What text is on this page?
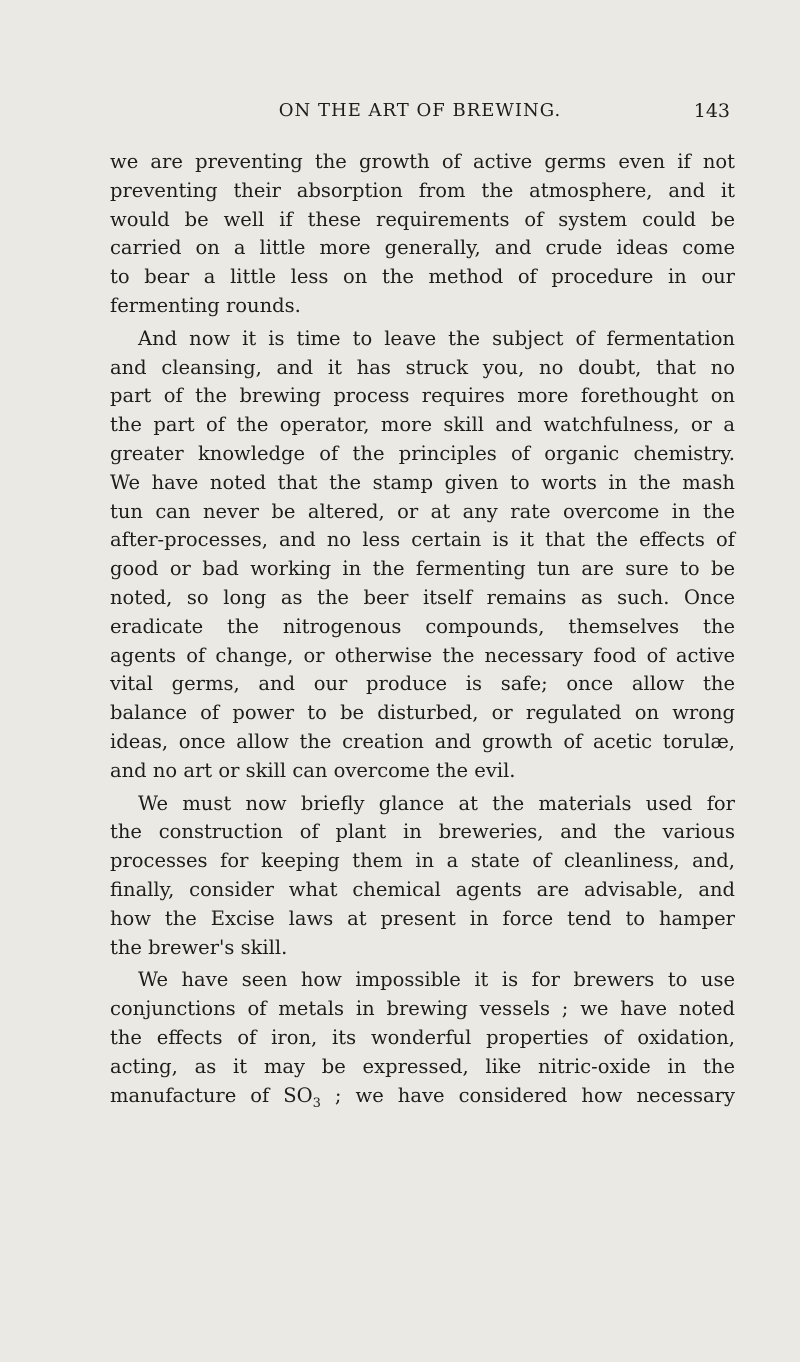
ON THE ART OF BREWING.	143
we are preventing the growth of active germs even if not
preventing their absorption from the atmosphere, and it
would be well if these requirements of system could be
carried on a little more generally, and crude ideas come
to bear a little less on the method of procedure in our
fermenting rounds.
And now it is time to leave the subject of fermentation
and cleansing, and it has struck you, no doubt, that no
part of the brewing process requires more forethought on
the part of the operator, more skill and watchfulness, or a
greater knowledge of the principles of organic chemistry.
We have noted that the stamp given to worts in the mash
tun can never be altered, or at any rate overcome in the
after-processes, and no less certain is it that the effects of
good or bad working in the fermenting tun are sure to be
noted, so long as the beer itself remains as such. Once
eradicate the nitrogenous compounds, themselves the
agents of change, or otherwise the necessary food of active
vital germs, and our produce is safe; once allow the
balance of power to be disturbed, or regulated on wrong
ideas, once allow the creation and growth of acetic torulæ,
and no art or skill can overcome the evil.
We must now briefly glance at the materials used for
the construction of plant in breweries, and the various
processes for keeping them in a state of cleanliness, and,
finally, consider what chemical agents are advisable, and
how the Excise laws at present in force tend to hamper
the brewer's skill.
We have seen how impossible it is for brewers to use
conjunctions of metals in brewing vessels ; we have noted
the effects of iron, its wonderful properties of oxidation,
acting, as it may be expressed, like nitric-oxide in the
manufacture of $SO_3$ ; we have considered how necessary
